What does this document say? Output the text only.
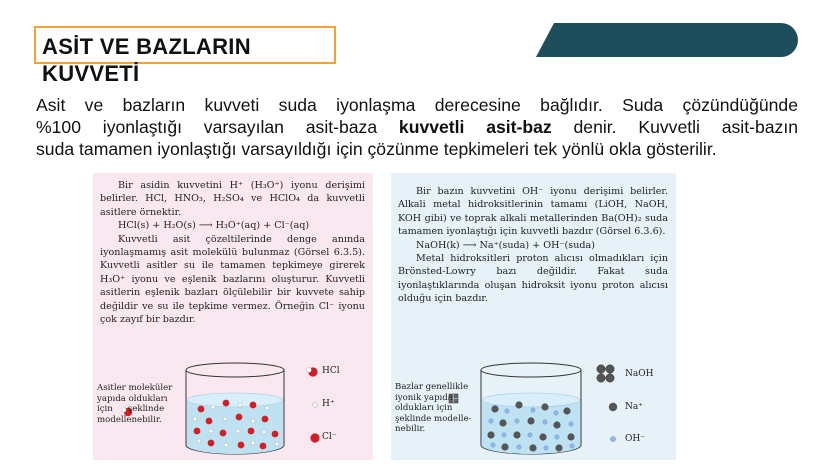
ASİT VE BAZLARIN KUVVETİ
Asit ve bazların kuvveti suda iyonlaşma derecesine bağlıdır. Suda çözündüğünde
%100 iyonlaştığı varsayılan asit-baza kuvvetli asit-baz denir. Kuvvetli asit-bazın
suda tamamen iyonlaştığı varsayıldığı için çözünme tepkimeleri tek yönlü okla gösterilir.

Bir asidin kuvvetini H⁺ (H₃O⁺) iyonu derişimi belirler. HCl, HNO₃, H₂SO₄ ve HClO₄ da kuvvetli asitlere örnektir.

HCl(s) + H₂O(s) ⟶ H₃O⁺(aq) + Cl⁻(aq)

Kuvvetli asit çözeltilerinde denge anında iyonlaşmamış asit molekülü bulunmaz (Görsel 6.3.5). Kuvvetli asitler su ile tamamen tepkimeye girerek H₃O⁺ iyonu ve eşlenik bazlarını oluşturur. Kuvvetli asitlerin eşlenik bazları ölçülebilir bir kuvvete sahip değildir ve su ile tepkime vermez. Örneğin Cl⁻ iyonu çok zayıf bir bazdır.

Bir bazın kuvvetini OH⁻ iyonu derişimi belirler. Alkali metal hidroksitlerinin tamamı (LiOH, NaOH, KOH gibi) ve toprak alkali metallerinden Ba(OH)₂ suda tamamen iyonlaştığı için kuvvetli bazdır (Görsel 6.3.6).

NaOH(k) ⟶ Na⁺(suda) + OH⁻(suda)

Metal hidroksitleri proton alıcısı olmadıkları için Brönsted-Lowry bazı değildir. Fakat suda iyonlaştıklarında oluşan hidroksit iyonu proton alıcısı olduğu için bazdır.

HCl
H⁺
Cl⁻
Asitler moleküler
yapıda oldukları
için şeklinde
modellenebilir.
NaOH
Na⁺
OH⁻
Bazlar genellikle
iyonik yapıda
oldukları için
şeklinde modelle-
nebilir.
